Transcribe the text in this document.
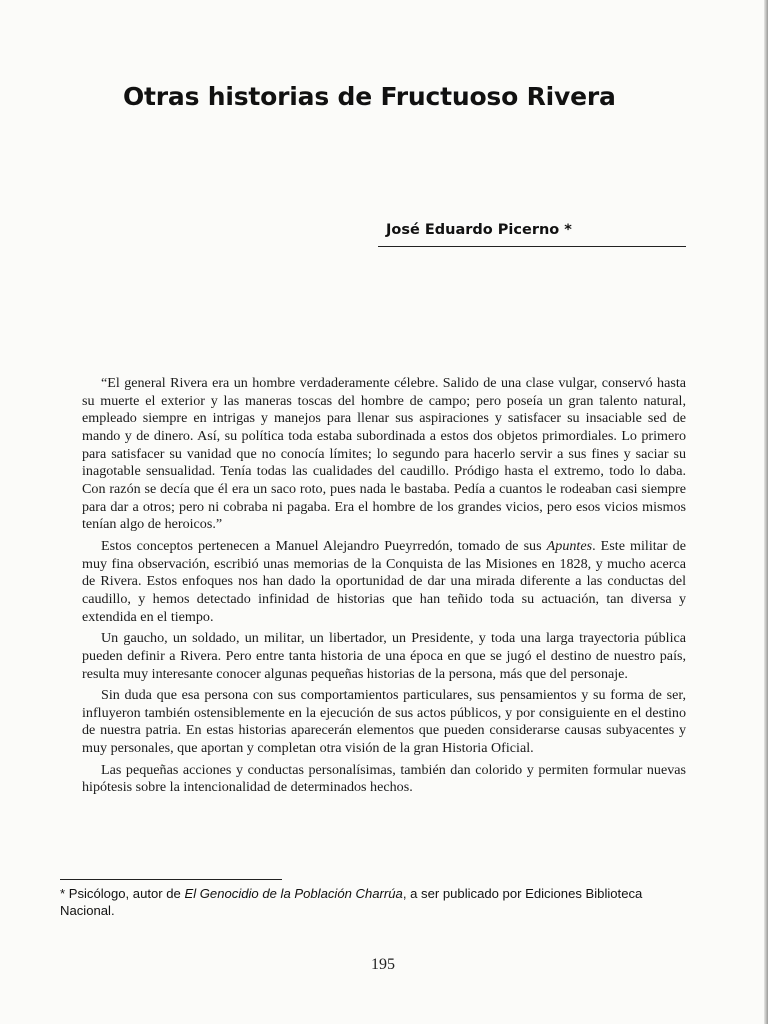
Otras historias de Fructuoso Rivera
José Eduardo Picerno *

“El general Rivera era un hombre verdaderamente célebre. Salido de una clase vulgar, conservó hasta su muerte el exterior y las maneras toscas del hombre de campo; pero poseía un gran talento natural, empleado siempre en intrigas y manejos para llenar sus aspiraciones y satisfacer su insaciable sed de mando y de dinero. Así, su política toda estaba subordinada a estos dos objetos primordiales. Lo primero para satisfacer su vanidad que no conocía límites; lo segundo para hacerlo servir a sus fines y saciar su inagotable sensualidad. Tenía todas las cualidades del caudillo. Pródigo hasta el extremo, todo lo daba. Con razón se decía que él era un saco roto, pues nada le bastaba. Pedía a cuantos le rodeaban casi siempre para dar a otros; pero ni cobraba ni pagaba. Era el hombre de los grandes vicios, pero esos vicios mismos tenían algo de heroicos.”

Estos conceptos pertenecen a Manuel Alejandro Pueyrredón, tomado de sus Apuntes. Este militar de muy fina observación, escribió unas memorias de la Conquista de las Misiones en 1828, y mucho acerca de Rivera. Estos enfoques nos han dado la oportunidad de dar una mirada diferente a las conductas del caudillo, y hemos detectado infinidad de historias que han teñido toda su actuación, tan diversa y extendida en el tiempo.

Un gaucho, un soldado, un militar, un libertador, un Presidente, y toda una larga trayectoria pública pueden definir a Rivera. Pero entre tanta historia de una época en que se jugó el destino de nuestro país, resulta muy interesante conocer algunas pequeñas historias de la persona, más que del personaje.

Sin duda que esa persona con sus comportamientos particulares, sus pensamientos y su forma de ser, influyeron también ostensiblemente en la ejecución de sus actos públicos, y por consiguiente en el destino de nuestra patria. En estas historias aparecerán elementos que pueden considerarse causas subyacentes y muy personales, que aportan y completan otra visión de la gran Historia Oficial.

Las pequeñas acciones y conductas personalísimas, también dan colorido y permiten formular nuevas hipótesis sobre la intencionalidad de determinados hechos.

* Psicólogo, autor de El Genocidio de la Población Charrúa, a ser publicado por Ediciones Biblioteca Nacional.
195
